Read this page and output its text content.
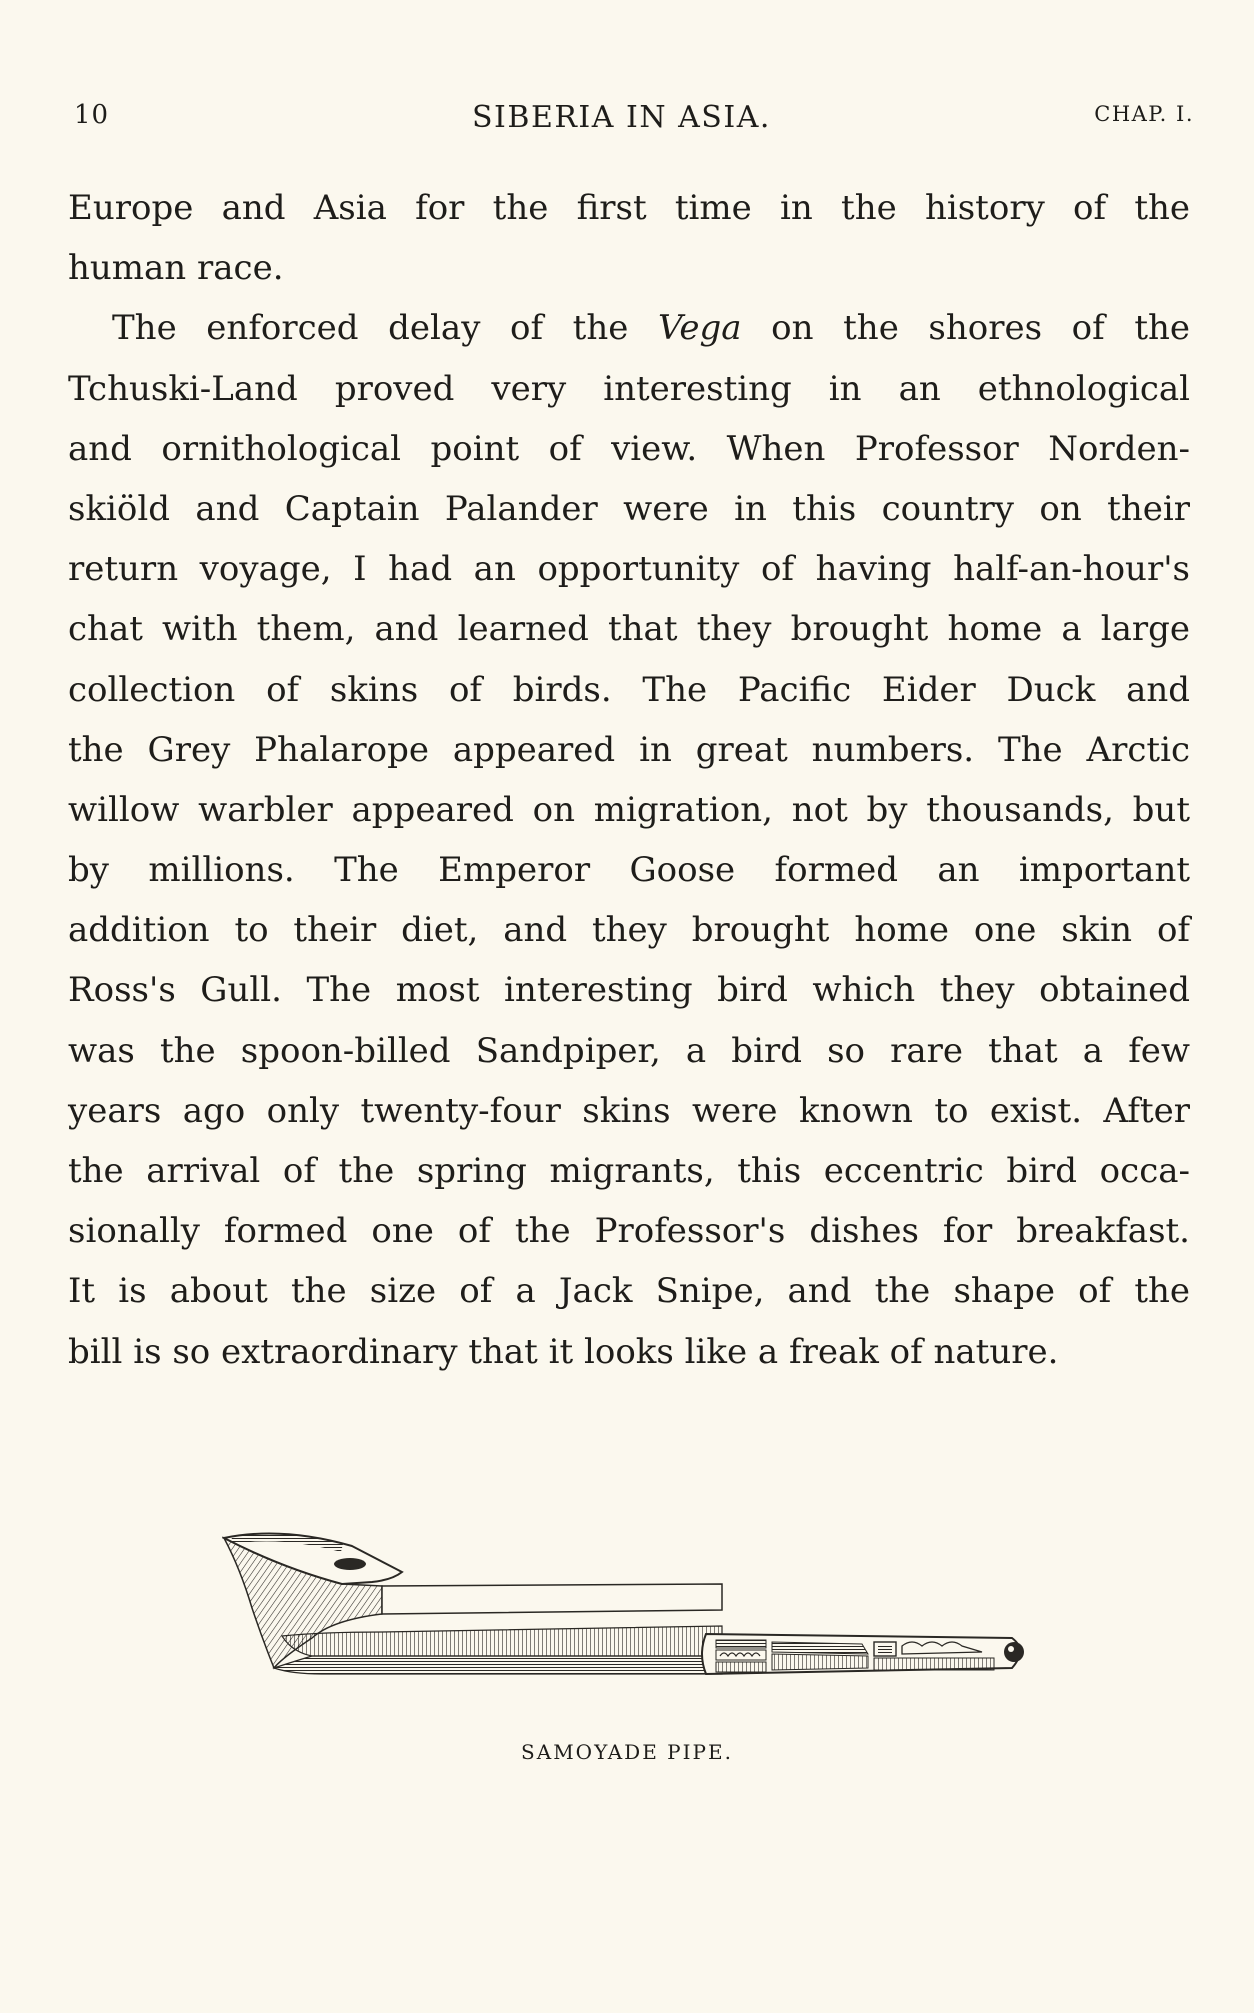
10	SIBERIA IN ASIA.	CHAP. I.
Europe and Asia for the first time in the history of the
human race.
The enforced delay of the Vega on the shores of the
Tchuski-Land proved very interesting in an ethnological
and ornithological point of view. When Professor Norden-
skiöld and Captain Palander were in this country on their
return voyage, I had an opportunity of having half-an-hour's
chat with them, and learned that they brought home a large
collection of skins of birds. The Pacific Eider Duck and
the Grey Phalarope appeared in great numbers. The Arctic
willow warbler appeared on migration, not by thousands, but
by millions. The Emperor Goose formed an important
addition to their diet, and they brought home one skin of
Ross's Gull. The most interesting bird which they obtained
was the spoon-billed Sandpiper, a bird so rare that a few
years ago only twenty-four skins were known to exist. After
the arrival of the spring migrants, this eccentric bird occa-
sionally formed one of the Professor's dishes for breakfast.
It is about the size of a Jack Snipe, and the shape of the
bill is so extraordinary that it looks like a freak of nature.
SAMOYADE PIPE.
